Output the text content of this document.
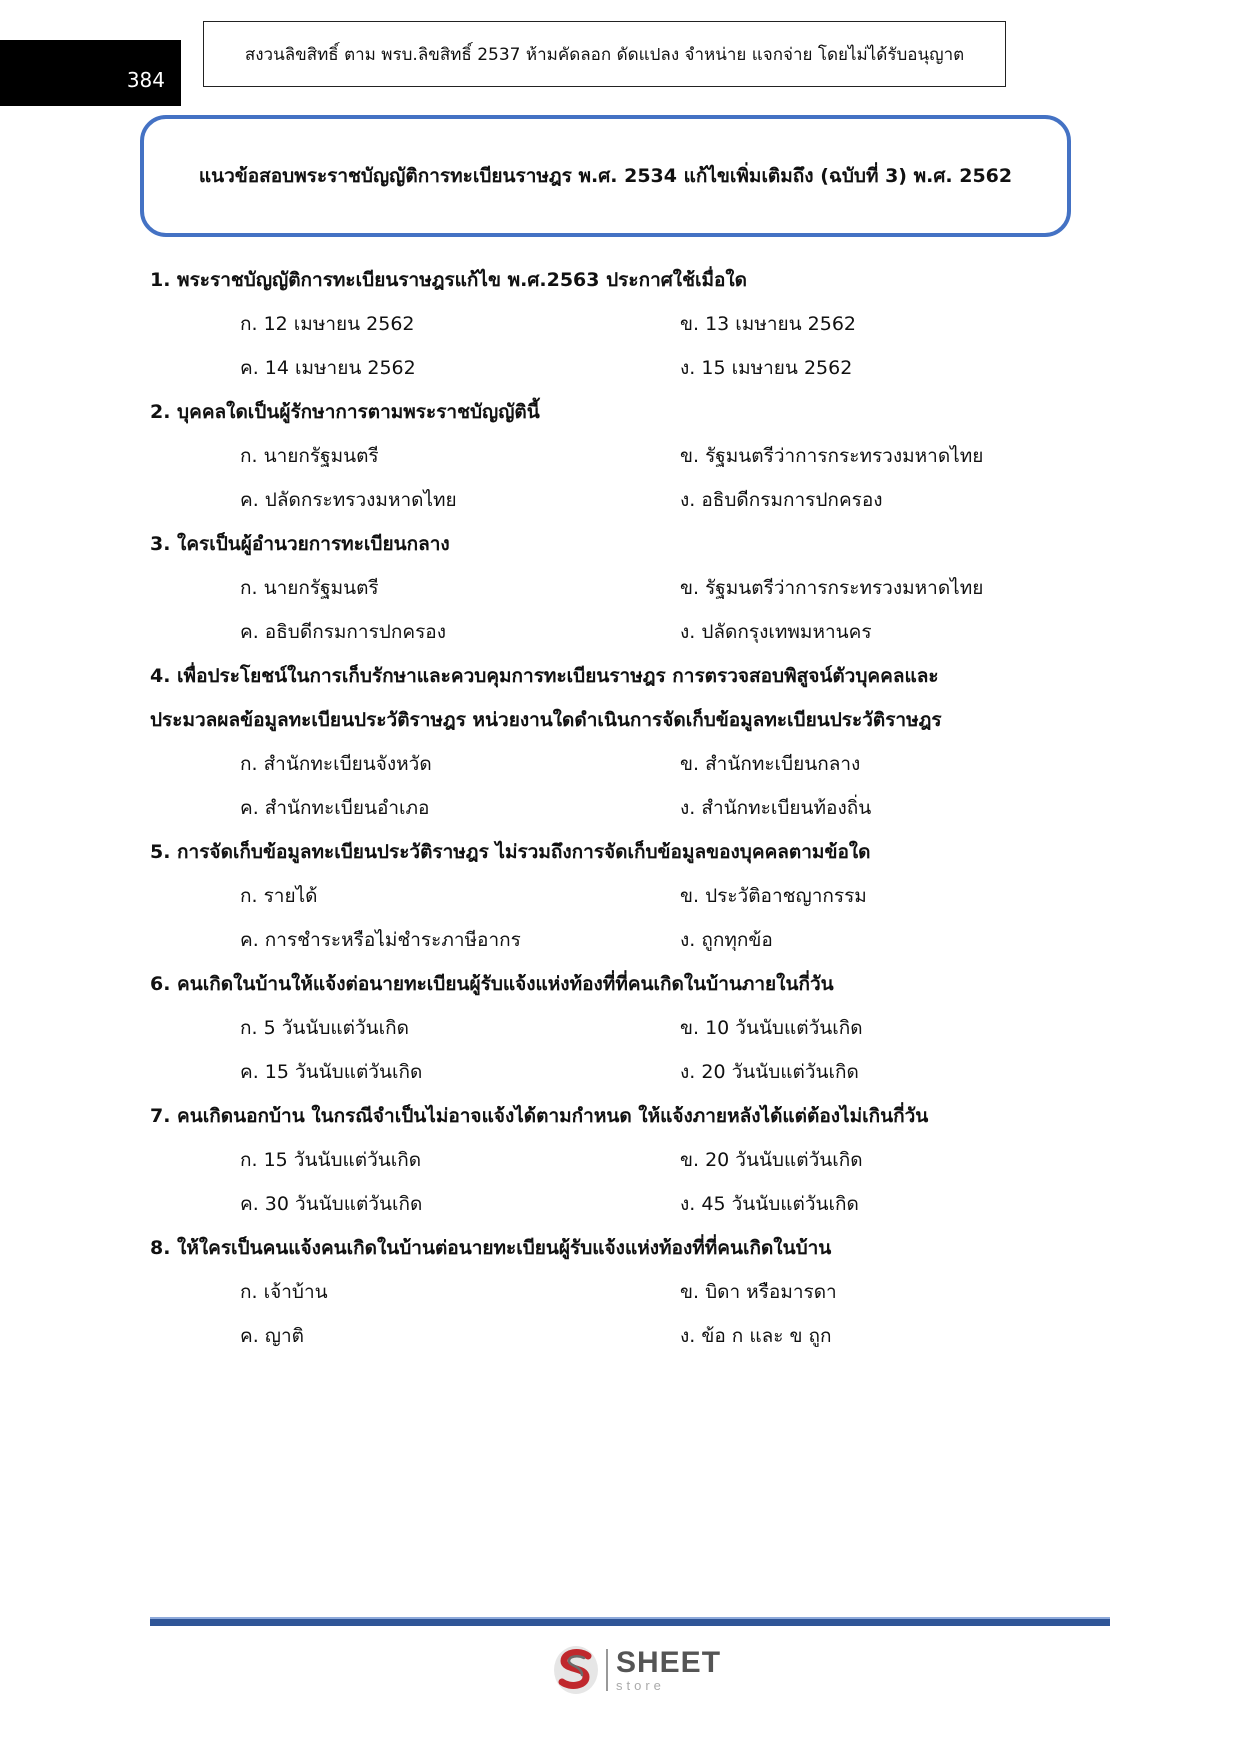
384
สงวนลิขสิทธิ์ ตาม พรบ.ลิขสิทธิ์ 2537 ห้ามคัดลอก ดัดแปลง จำหน่าย แจกจ่าย โดยไม่ได้รับอนุญาต
แนวข้อสอบพระราชบัญญัติการทะเบียนราษฎร พ.ศ. 2534 แก้ไขเพิ่มเติมถึง (ฉบับที่ 3) พ.ศ. 2562
1. พระราชบัญญัติการทะเบียนราษฎรแก้ไข พ.ศ.2563 ประกาศใช้เมื่อใด
ก. 12 เมษายน 2562	ข. 13 เมษายน 2562
ค. 14 เมษายน 2562	ง. 15 เมษายน 2562
2. บุคคลใดเป็นผู้รักษาการตามพระราชบัญญัตินี้
ก. นายกรัฐมนตรี	ข. รัฐมนตรีว่าการกระทรวงมหาดไทย
ค. ปลัดกระทรวงมหาดไทย	ง. อธิบดีกรมการปกครอง
3. ใครเป็นผู้อำนวยการทะเบียนกลาง
ก. นายกรัฐมนตรี	ข. รัฐมนตรีว่าการกระทรวงมหาดไทย
ค. อธิบดีกรมการปกครอง	ง. ปลัดกรุงเทพมหานคร
4. เพื่อประโยชน์ในการเก็บรักษาและควบคุมการทะเบียนราษฎร การตรวจสอบพิสูจน์ตัวบุคคลและ
ประมวลผลข้อมูลทะเบียนประวัติราษฎร หน่วยงานใดดำเนินการจัดเก็บข้อมูลทะเบียนประวัติราษฎร
ก. สำนักทะเบียนจังหวัด	ข. สำนักทะเบียนกลาง
ค. สำนักทะเบียนอำเภอ	ง. สำนักทะเบียนท้องถิ่น
5. การจัดเก็บข้อมูลทะเบียนประวัติราษฎร ไม่รวมถึงการจัดเก็บข้อมูลของบุคคลตามข้อใด
ก. รายได้	ข. ประวัติอาชญากรรม
ค. การชำระหรือไม่ชำระภาษีอากร	ง. ถูกทุกข้อ
6. คนเกิดในบ้านให้แจ้งต่อนายทะเบียนผู้รับแจ้งแห่งท้องที่ที่คนเกิดในบ้านภายในกี่วัน
ก. 5 วันนับแต่วันเกิด	ข. 10 วันนับแต่วันเกิด
ค. 15 วันนับแต่วันเกิด	ง. 20 วันนับแต่วันเกิด
7. คนเกิดนอกบ้าน ในกรณีจำเป็นไม่อาจแจ้งได้ตามกำหนด ให้แจ้งภายหลังได้แต่ต้องไม่เกินกี่วัน
ก. 15 วันนับแต่วันเกิด	ข. 20 วันนับแต่วันเกิด
ค. 30 วันนับแต่วันเกิด	ง. 45 วันนับแต่วันเกิด
8. ให้ใครเป็นคนแจ้งคนเกิดในบ้านต่อนายทะเบียนผู้รับแจ้งแห่งท้องที่ที่คนเกิดในบ้าน
ก. เจ้าบ้าน	ข. บิดา หรือมารดา
ค. ญาติ	ง. ข้อ ก และ ข ถูก
SHEET
store
